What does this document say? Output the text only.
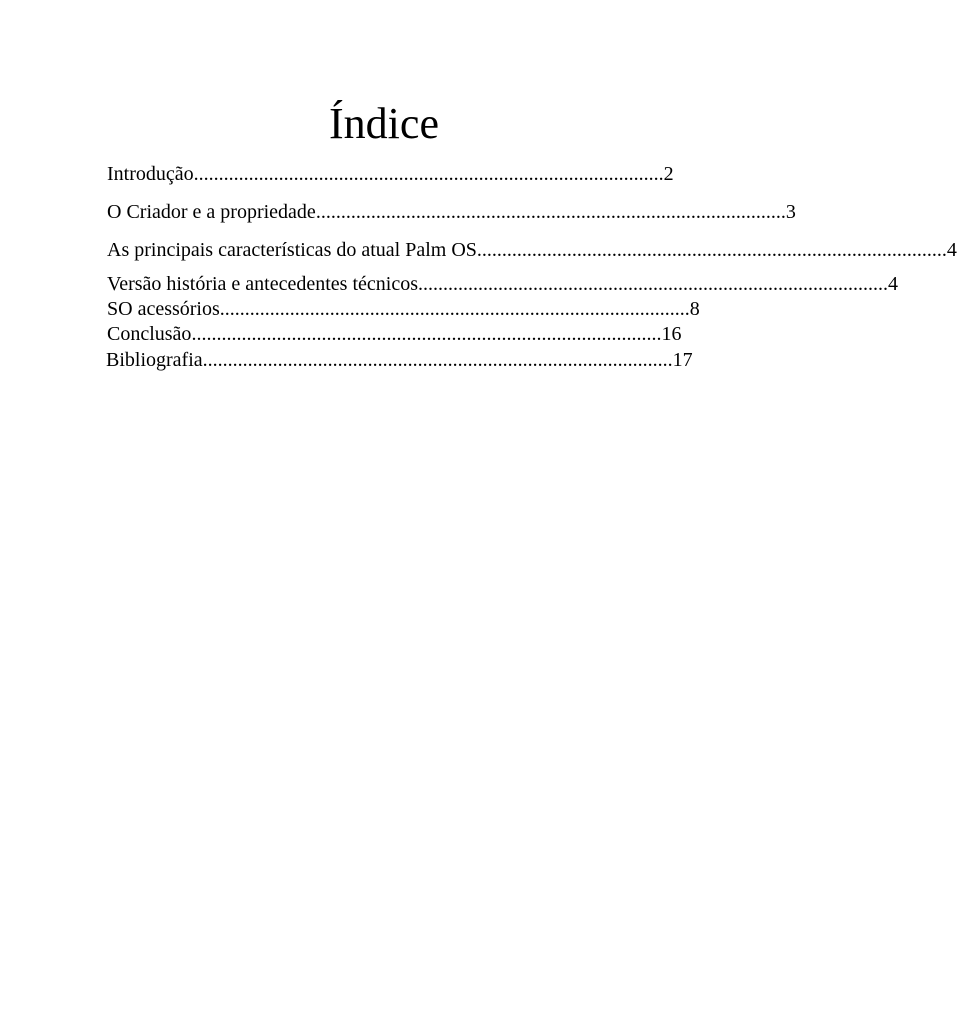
Índice
Introdução .............................................................................................. 2
O Criador e a propriedade .............................................................................................. 3
As principais características do atual Palm OS .............................................................................................. 4
Versão história e antecedentes técnicos .............................................................................................. 4
SO acessórios .............................................................................................. 8
Conclusão .............................................................................................. 16
Bibliografia .............................................................................................. 17
